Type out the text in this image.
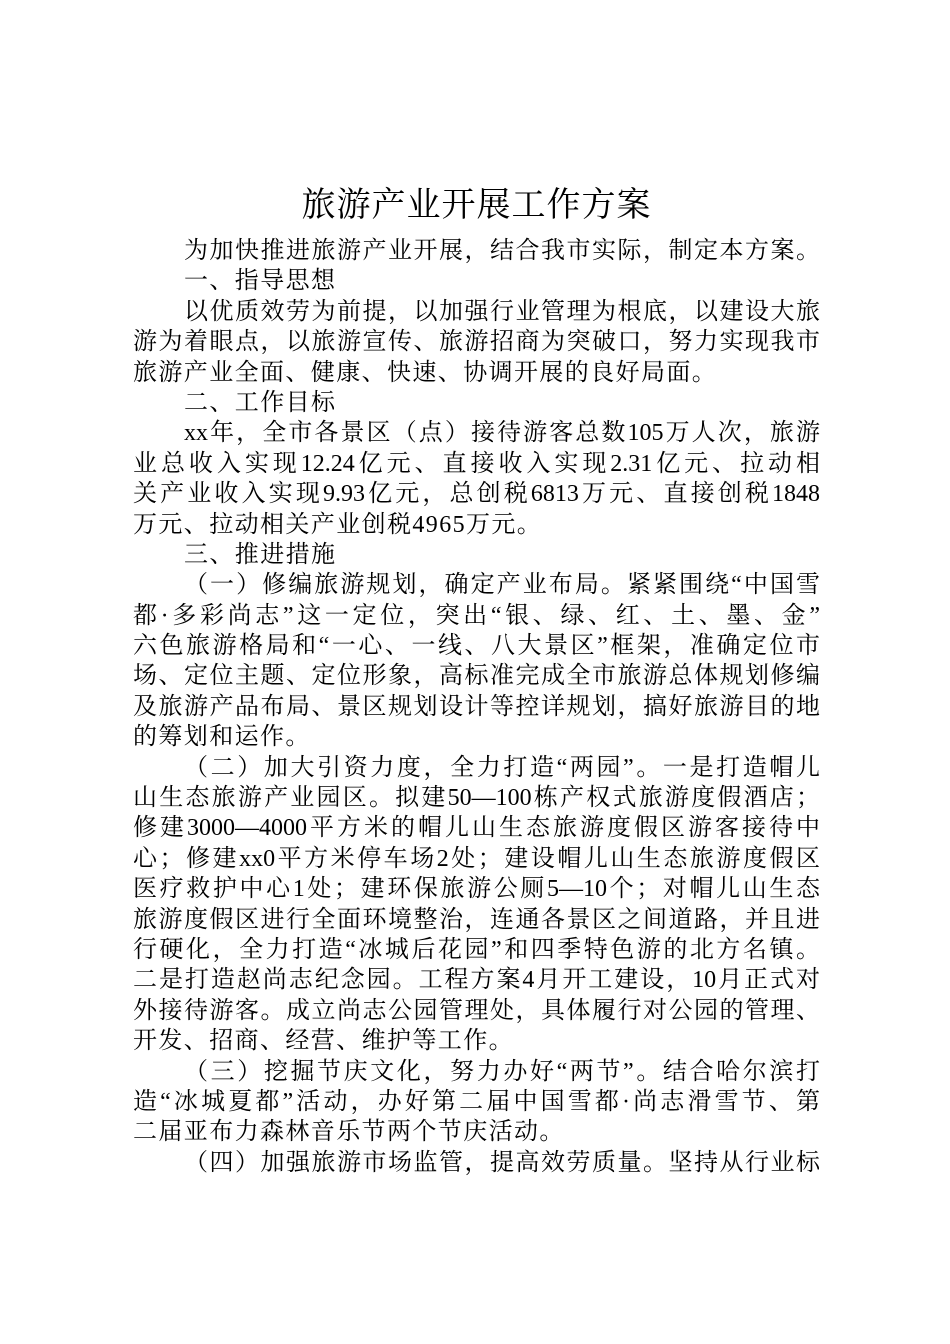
旅游产业开展工作方案
为加快推进旅游产业开展，结合我市实际，制定本方案。
一、指导思想
以优质效劳为前提，以加强行业管理为根底，以建设大旅
游为着眼点，以旅游宣传、旅游招商为突破口，努力实现我市
旅游产业全面、健康、快速、协调开展的良好局面。
二、工作目标
xx年，全市各景区（点）接待游客总数105万人次，旅游
业总收入实现12.24亿元、直接收入实现2.31亿元、拉动相
关产业收入实现9.93亿元，总创税6813万元、直接创税1848
万元、拉动相关产业创税4965万元。
三、推进措施
（一）修编旅游规划，确定产业布局。紧紧围绕“中国雪
都·多彩尚志”这一定位，突出“银、绿、红、土、墨、金”
六色旅游格局和“一心、一线、八大景区”框架，准确定位市
场、定位主题、定位形象，高标准完成全市旅游总体规划修编
及旅游产品布局、景区规划设计等控详规划，搞好旅游目的地
的筹划和运作。
（二）加大引资力度，全力打造“两园”。一是打造帽儿
山生态旅游产业园区。拟建50—100栋产权式旅游度假酒店；
修建3000—4000平方米的帽儿山生态旅游度假区游客接待中
心；修建xx0平方米停车场2处；建设帽儿山生态旅游度假区
医疗救护中心1处；建环保旅游公厕5—10个；对帽儿山生态
旅游度假区进行全面环境整治，连通各景区之间道路，并且进
行硬化，全力打造“冰城后花园”和四季特色游的北方名镇。
二是打造赵尚志纪念园。工程方案4月开工建设，10月正式对
外接待游客。成立尚志公园管理处，具体履行对公园的管理、
开发、招商、经营、维护等工作。
（三）挖掘节庆文化，努力办好“两节”。结合哈尔滨打
造“冰城夏都”活动，办好第二届中国雪都·尚志滑雪节、第
二届亚布力森林音乐节两个节庆活动。
（四）加强旅游市场监管，提高效劳质量。坚持从行业标
